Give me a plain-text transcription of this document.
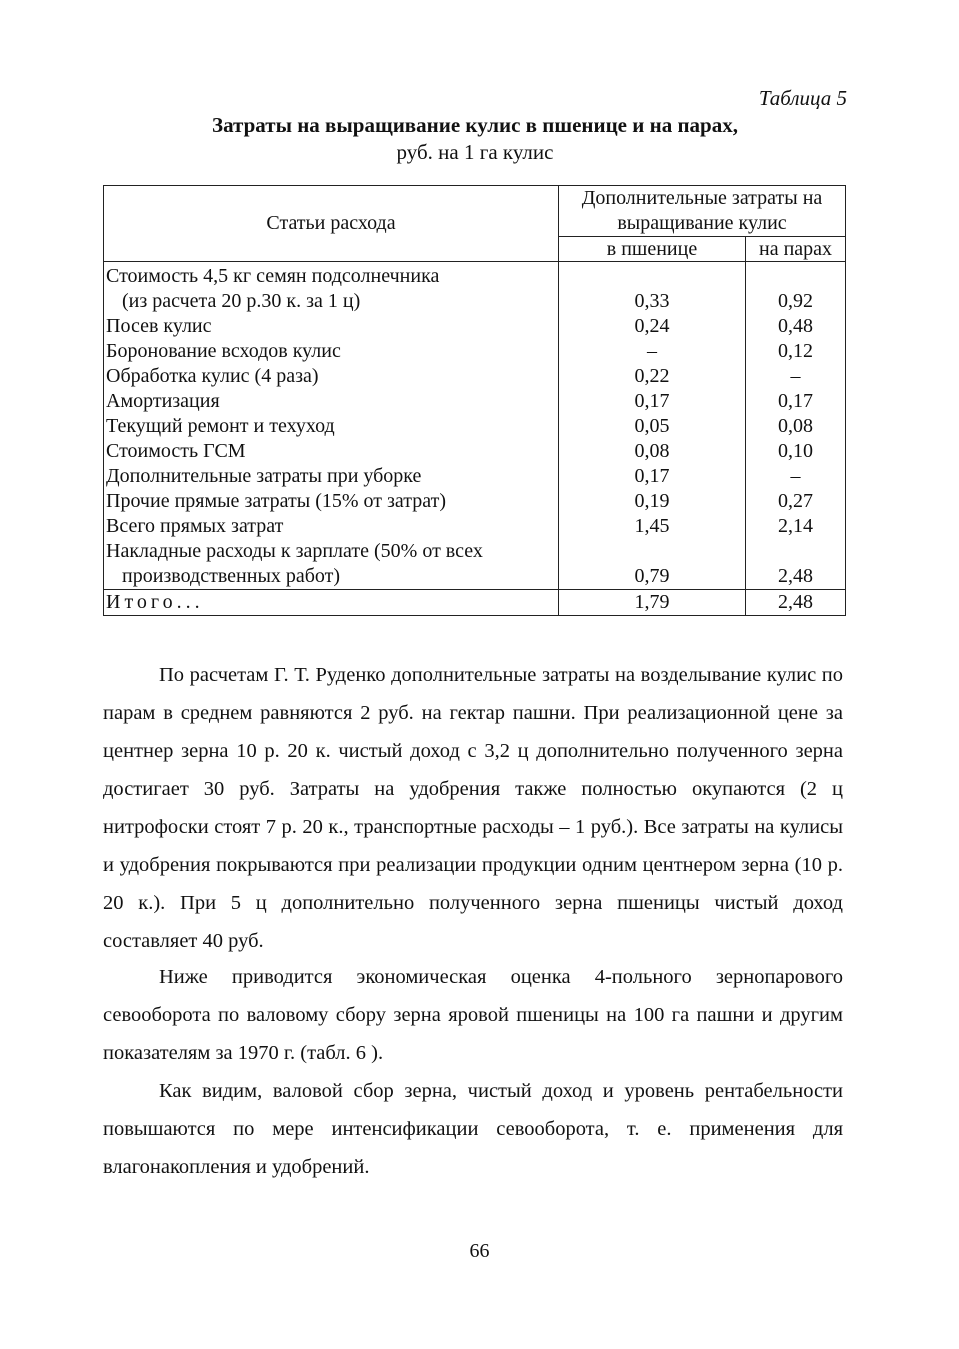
Таблица 5
Затраты на выращивание кулис в пшенице и на парах,
руб. на 1 га кулис
Статьи расхода	Дополнительные затраты на выращивание кулис	
	в пшенице	на парах
Стоимость 4,5 кг семян подсолнечника
(из расчета 20 р.30 к. за 1 ц)	0,33	0,92
Посев кулис	0,24	0,48
Боронование всходов кулис	–	0,12
Обработка кулис (4 раза)	0,22	–
Амортизация	0,17	0,17
Текущий ремонт и техуход	0,05	0,08
Стоимость ГСМ	0,08	0,10
Дополнительные затраты при уборке	0,17	–
Прочие прямые затраты (15% от затрат)	0,19	0,27
Всего прямых затрат	1,45	2,14
Накладные расходы к зарплате (50% от всех
производственных работ)	0,79	2,48
Итого...	1,79	2,48

По расчетам Г. Т. Руденко дополнительные затраты на возделывание кулис по парам в среднем равняются 2 руб. на гектар пашни. При реализационной цене за центнер зерна 10 р. 20 к. чистый доход с 3,2 ц дополнительно полученного зерна достигает 30 руб. Затраты на удобрения также полностью окупаются (2 ц нитрофоски стоят 7 р. 20 к., транспортные расходы – 1 руб.). Все затраты на кулисы и удобрения покрываются при реализации продукции одним центнером зерна (10 р. 20 к.). При 5 ц дополнительно полученного зерна пшеницы чистый доход составляет 40 руб.

Ниже приводится экономическая оценка 4-польного зернопарового севооборота по валовому сбору зерна яровой пшеницы на 100 га пашни и другим показателям за 1970 г. (табл. 6 ).

Как видим, валовой сбор зерна, чистый доход и уровень рентабельности повышаются по мере интенсификации севооборота, т. е. применения для влагонакопления и удобрений.

66
